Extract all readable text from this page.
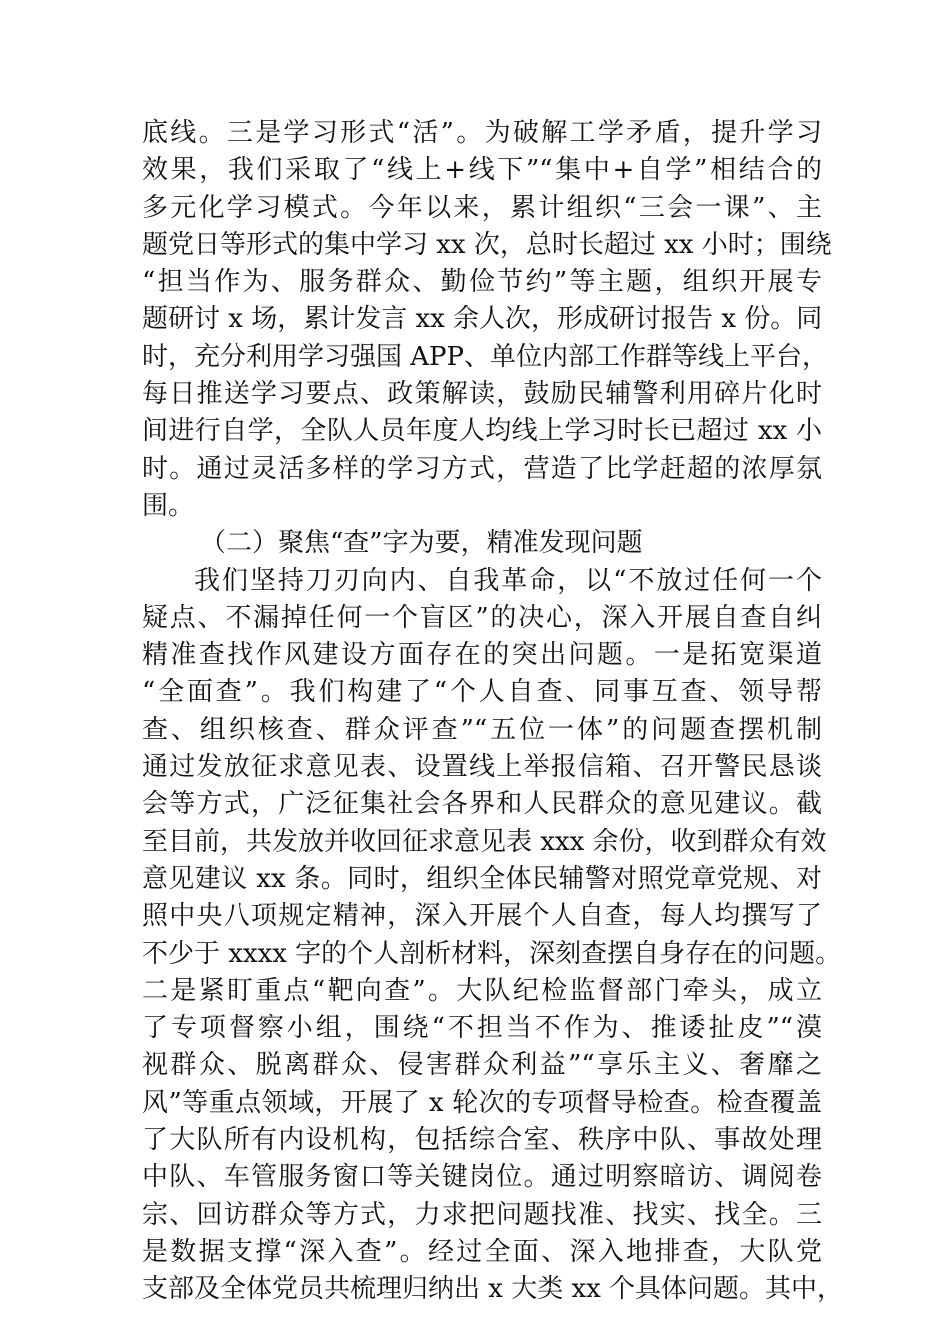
底线。三是学习形式“活”。为破解工学矛盾，提升学习
效果，我们采取了“线上+线下”“集中+自学”相结合的
多元化学习模式。今年以来，累计组织“三会一课”、主
题党日等形式的集中学习 xx 次，总时长超过 xx 小时；围绕
“担当作为、服务群众、勤俭节约”等主题，组织开展专
题研讨 x 场，累计发言 xx 余人次，形成研讨报告 x 份。同
时，充分利用学习强国 APP、单位内部工作群等线上平台，
每日推送学习要点、政策解读，鼓励民辅警利用碎片化时
间进行自学，全队人员年度人均线上学习时长已超过 xx 小
时。通过灵活多样的学习方式，营造了比学赶超的浓厚氛
围。
（二）聚焦“查”字为要，精准发现问题
我们坚持刀刃向内、自我革命，以“不放过任何一个
疑点、不漏掉任何一个盲区”的决心，深入开展自查自纠
精准查找作风建设方面存在的突出问题。一是拓宽渠道
“全面查”。我们构建了“个人自查、同事互查、领导帮
查、组织核查、群众评查”“五位一体”的问题查摆机制
通过发放征求意见表、设置线上举报信箱、召开警民恳谈
会等方式，广泛征集社会各界和人民群众的意见建议。截
至目前，共发放并收回征求意见表 xxx 余份，收到群众有效
意见建议 xx 条。同时，组织全体民辅警对照党章党规、对
照中央八项规定精神，深入开展个人自查，每人均撰写了
不少于 xxxx 字的个人剖析材料，深刻查摆自身存在的问题。
二是紧盯重点“靶向查”。大队纪检监督部门牵头，成立
了专项督察小组，围绕“不担当不作为、推诿扯皮”“漠
视群众、脱离群众、侵害群众利益”“享乐主义、奢靡之
风”等重点领域，开展了 x 轮次的专项督导检查。检查覆盖
了大队所有内设机构，包括综合室、秩序中队、事故处理
中队、车管服务窗口等关键岗位。通过明察暗访、调阅卷
宗、回访群众等方式，力求把问题找准、找实、找全。三
是数据支撑“深入查”。经过全面、深入地排查，大队党
支部及全体党员共梳理归纳出 x 大类 xx 个具体问题。其中，
